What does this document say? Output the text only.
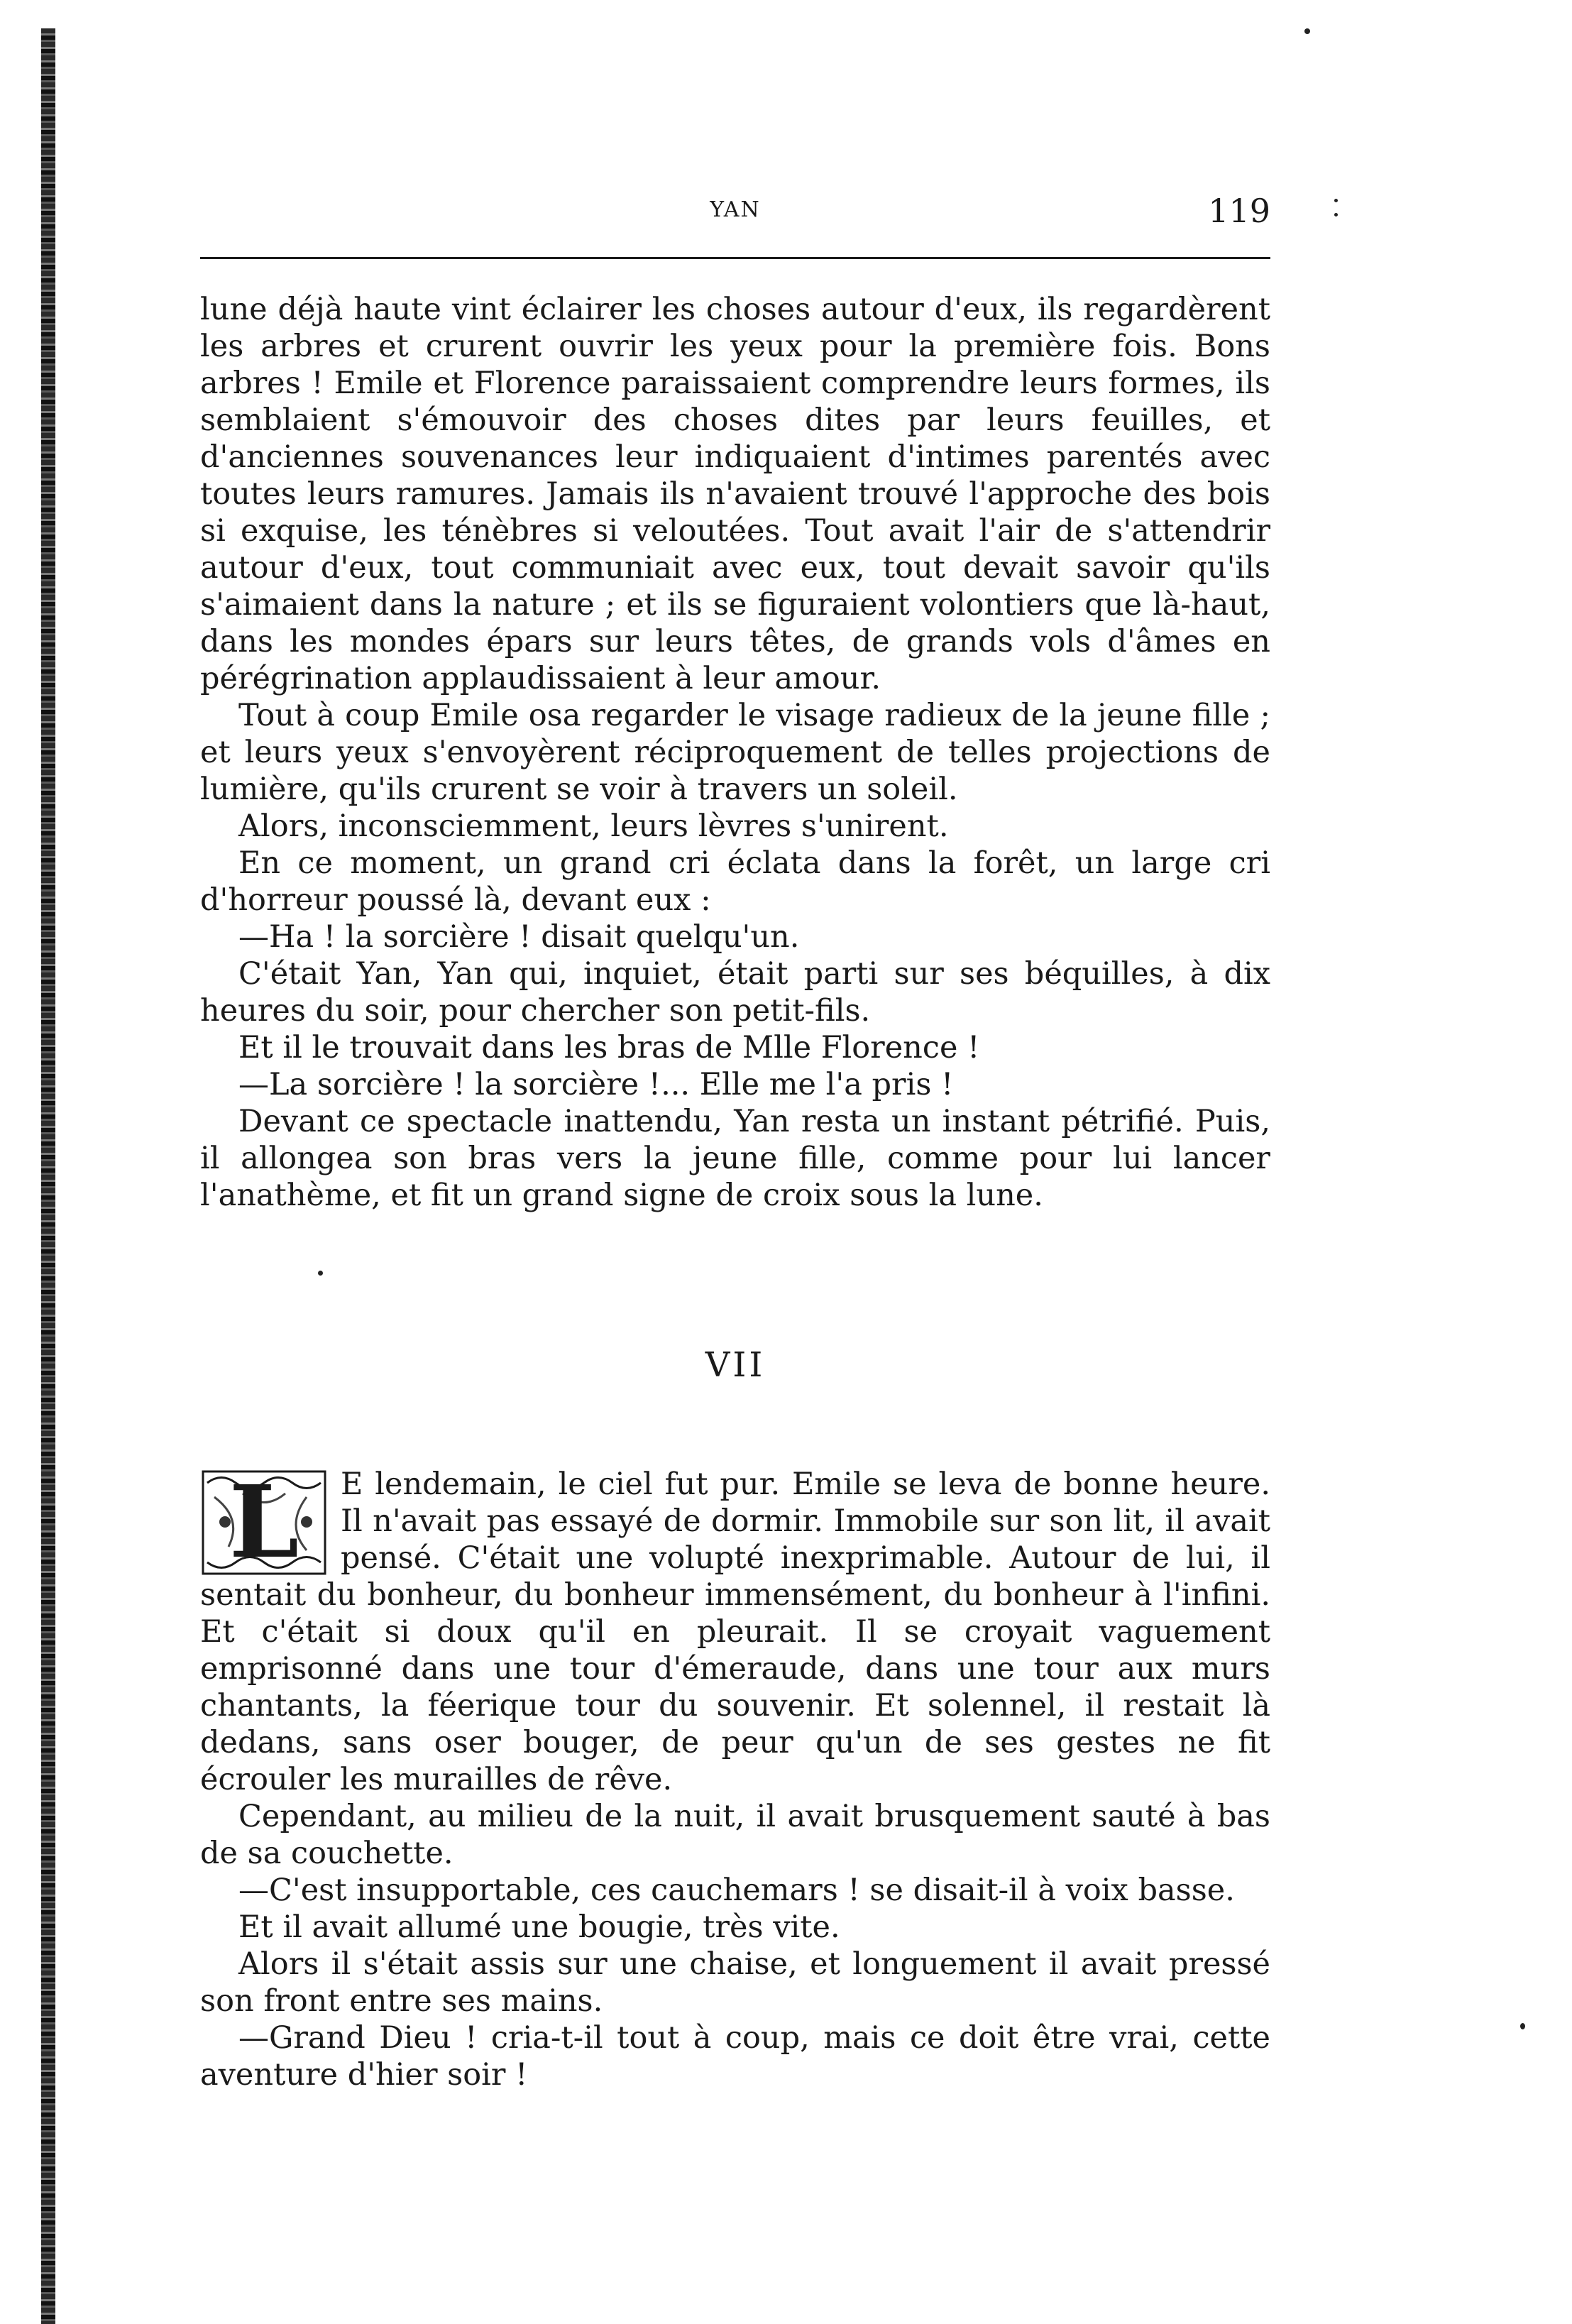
YAN	119

lune déjà haute vint éclairer les choses autour d'eux, ils regardèrent les arbres et crurent ouvrir les yeux pour la première fois. Bons arbres ! Emile et Florence paraissaient comprendre leurs formes, ils semblaient s'émouvoir des choses dites par leurs feuilles, et d'anciennes souvenances leur indiquaient d'intimes parentés avec toutes leurs ramures. Jamais ils n'avaient trouvé l'approche des bois si exquise, les ténèbres si veloutées. Tout avait l'air de s'attendrir autour d'eux, tout communiait avec eux, tout devait savoir qu'ils s'aimaient dans la nature ; et ils se figuraient volontiers que là-haut, dans les mondes épars sur leurs têtes, de grands vols d'âmes en pérégrination applaudissaient à leur amour.

Tout à coup Emile osa regarder le visage radieux de la jeune fille ; et leurs yeux s'envoyèrent réciproquement de telles projections de lumière, qu'ils crurent se voir à travers un soleil.

Alors, inconsciemment, leurs lèvres s'unirent.

En ce moment, un grand cri éclata dans la forêt, un large cri d'horreur poussé là, devant eux :

—Ha ! la sorcière ! disait quelqu'un.

C'était Yan, Yan qui, inquiet, était parti sur ses béquilles, à dix heures du soir, pour chercher son petit-fils.

Et il le trouvait dans les bras de Mlle Florence !

—La sorcière ! la sorcière !... Elle me l'a pris !

Devant ce spectacle inattendu, Yan resta un instant pétrifié. Puis, il allongea son bras vers la jeune fille, comme pour lui lancer l'anathème, et fit un grand signe de croix sous la lune.

VII

L	E lendemain, le ciel fut pur. Emile se leva de bonne heure. Il n'avait pas essayé de dormir. Immobile sur son lit, il avait pensé. C'était une volupté inexprimable. Autour de lui, il sentait du bonheur, du bonheur immensément, du bonheur à l'infini. Et c'était si doux qu'il en pleurait. Il se croyait vaguement emprisonné dans une tour d'émeraude, dans une tour aux murs chantants, la féerique tour du souvenir. Et solennel, il restait là dedans, sans oser bouger, de peur qu'un de ses gestes ne fit écrouler les murailles de rêve.

Cependant, au milieu de la nuit, il avait brusquement sauté à bas de sa couchette.

—C'est insupportable, ces cauchemars ! se disait-il à voix basse.

Et il avait allumé une bougie, très vite.

Alors il s'était assis sur une chaise, et longuement il avait pressé son front entre ses mains.

—Grand Dieu ! cria-t-il tout à coup, mais ce doit être vrai, cette aventure d'hier soir !
